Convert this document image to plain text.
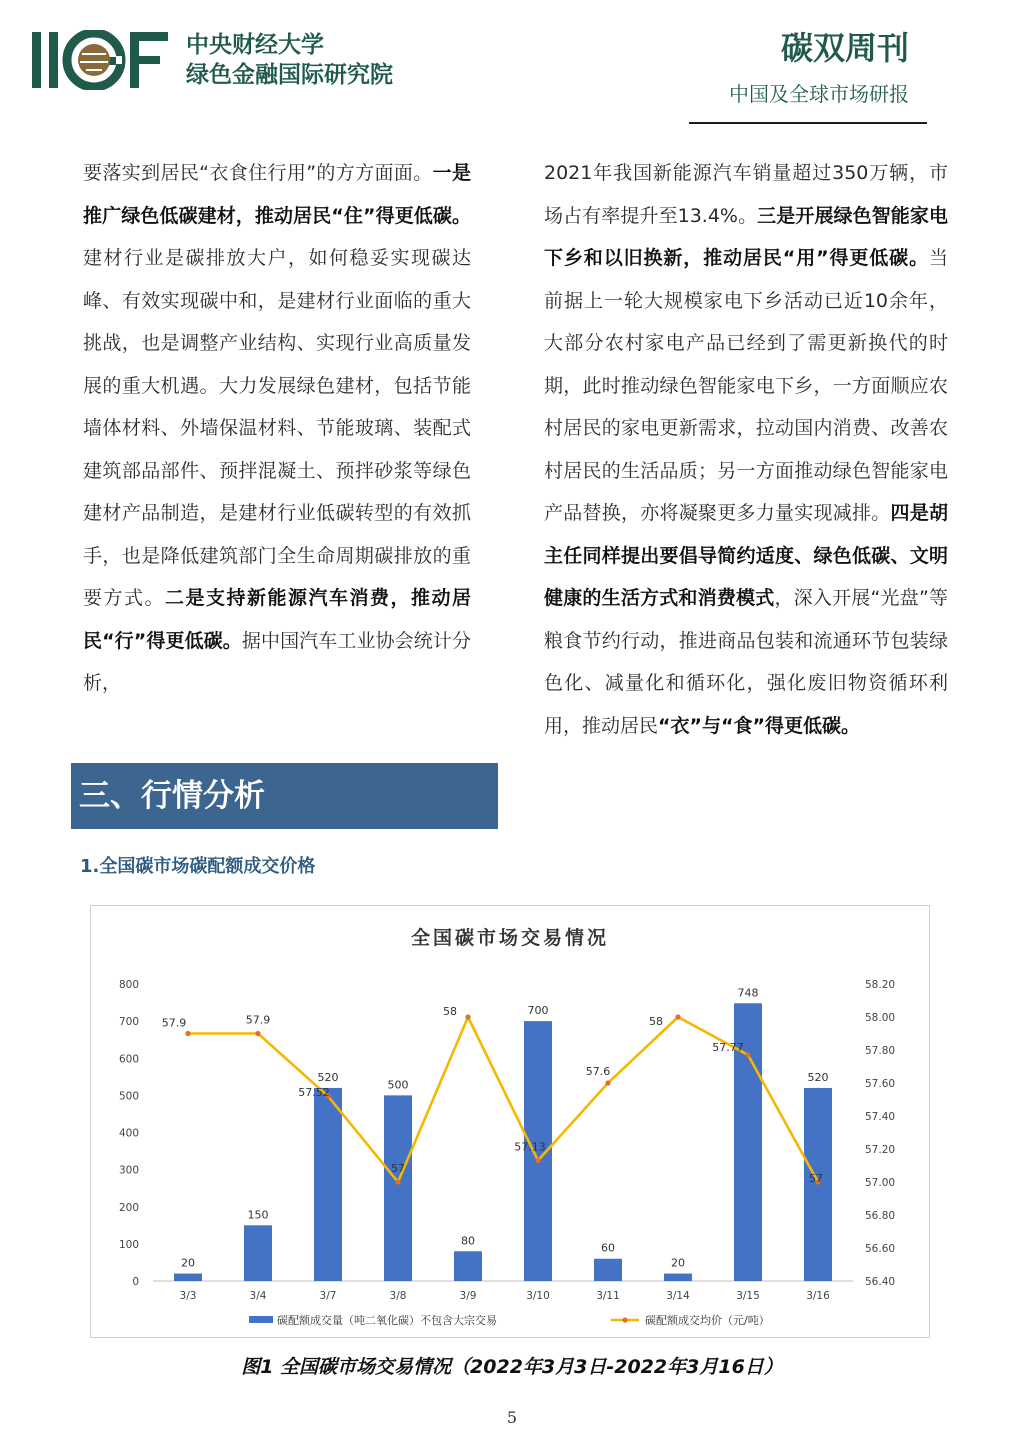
中央财经大学
绿色金融国际研究院
碳双周刊
中国及全球市场研报
要落实到居民“衣食住行用”的方方面面。一是推广绿色低碳建材，推动居民“住”得更低碳。建材行业是碳排放大户，如何稳妥实现碳达峰、有效实现碳中和，是建材行业面临的重大挑战，也是调整产业结构、实现行业高质量发展的重大机遇。大力发展绿色建材，包括节能墙体材料、外墙保温材料、节能玻璃、装配式建筑部品部件、预拌混凝土、预拌砂浆等绿色建材产品制造，是建材行业低碳转型的有效抓手，也是降低建筑部门全生命周期碳排放的重要方式。二是支持新能源汽车消费，推动居民“行”得更低碳。据中国汽车工业协会统计分析，
2021年我国新能源汽车销量超过350万辆，市场占有率提升至13.4%。三是开展绿色智能家电下乡和以旧换新，推动居民“用”得更低碳。当前据上一轮大规模家电下乡活动已近10余年，大部分农村家电产品已经到了需更新换代的时期，此时推动绿色智能家电下乡，一方面顺应农村居民的家电更新需求，拉动国内消费、改善农村居民的生活品质；另一方面推动绿色智能家电产品替换，亦将凝聚更多力量实现减排。四是胡主任同样提出要倡导简约适度、绿色低碳、文明健康的生活方式和消费模式，深入开展“光盘”等粮食节约行动，推进商品包装和流通环节包装绿色化、减量化和循环化，强化废旧物资循环利用，推动居民“衣”与“食”得更低碳。
三、行情分析
1.全国碳市场碳配额成交价格
全国碳市场交易情况
0
100
200
300
400
500
600
700
800
56.40
56.60
56.80
57.00
57.20
57.40
57.60
57.80
58.00
58.20
3/3	3/4	3/7	3/8	3/9	3/10	3/11	3/14	3/15	3/16
20
150
520
500
80
700
60
20
748
520
57.9	57.9
57.52
57
58
57.13
57.6
58
57.77
57
碳配额成交量（吨二氧化碳）不包含大宗交易	碳配额成交均价（元/吨）
图1 全国碳市场交易情况（2022年3月3日-2022年3月16日）
5
